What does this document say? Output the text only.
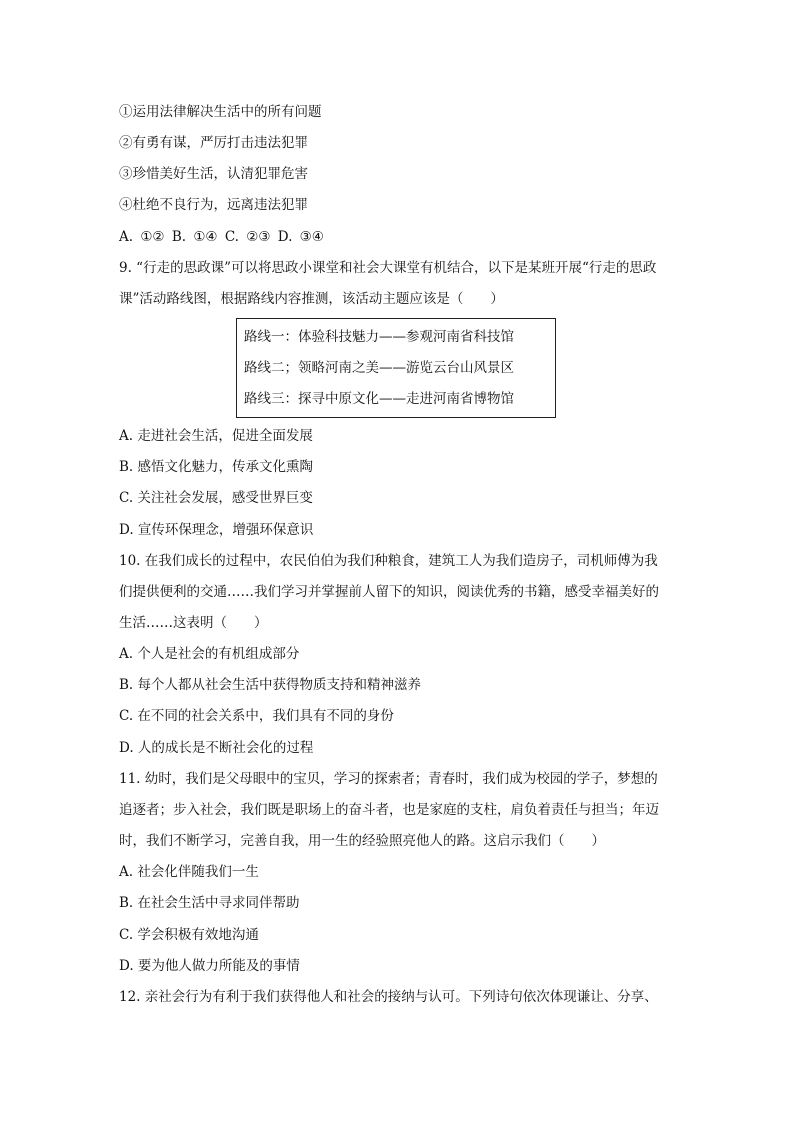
①运用法律解决生活中的所有问题
②有勇有谋，严厉打击违法犯罪
③珍惜美好生活，认清犯罪危害
④杜绝不良行为，远离违法犯罪
A. ①② B. ①④ C. ②③ D. ③④
9. “行走的思政课”可以将思政小课堂和社会大课堂有机结合，以下是某班开展“行走的思政
课”活动路线图，根据路线内容推测，该活动主题应该是（　　）
路线一：体验科技魅力——参观河南省科技馆
路线二；领略河南之美——游览云台山风景区
路线三：探寻中原文化——走进河南省博物馆
A. 走进社会生活，促进全面发展
B. 感悟文化魅力，传承文化熏陶
C. 关注社会发展，感受世界巨变
D. 宣传环保理念，增强环保意识
10. 在我们成长的过程中，农民伯伯为我们种粮食，建筑工人为我们造房子，司机师傅为我
们提供便利的交通……我们学习并掌握前人留下的知识，阅读优秀的书籍，感受幸福美好的
生活……这表明（　　）
A. 个人是社会的有机组成部分
B. 每个人都从社会生活中获得物质支持和精神滋养
C. 在不同的社会关系中，我们具有不同的身份
D. 人的成长是不断社会化的过程
11. 幼时，我们是父母眼中的宝贝，学习的探索者；青春时，我们成为校园的学子，梦想的
追逐者；步入社会，我们既是职场上的奋斗者，也是家庭的支柱，肩负着责任与担当；年迈
时，我们不断学习，完善自我，用一生的经验照亮他人的路。这启示我们（　　）
A. 社会化伴随我们一生
B. 在社会生活中寻求同伴帮助
C. 学会积极有效地沟通
D. 要为他人做力所能及的事情
12. 亲社会行为有利于我们获得他人和社会的接纳与认可。下列诗句依次体现谦让、分享、
